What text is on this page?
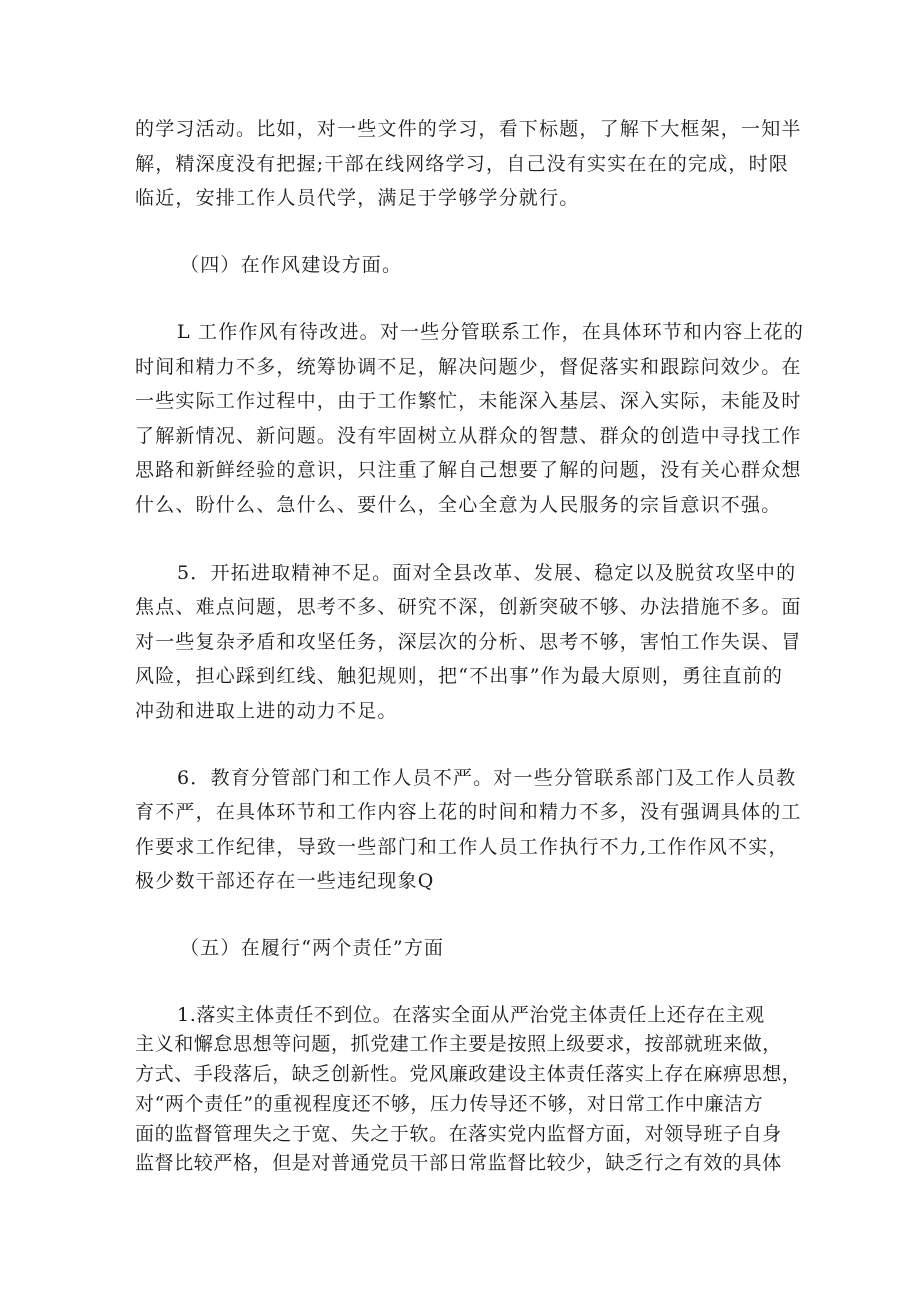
的学习活动。比如，对一些文件的学习，看下标题，了解下大框架，一知半
解，精深度没有把握;干部在线网络学习，自己没有实实在在的完成，时限
临近，安排工作人员代学，满足于学够学分就行。
（四）在作风建设方面。
L 工作作风有待改进。对一些分管联系工作，在具体环节和内容上花的
时间和精力不多，统筹协调不足，解决问题少，督促落实和跟踪问效少。在
一些实际工作过程中，由于工作繁忙，未能深入基层、深入实际，未能及时
了解新情况、新问题。没有牢固树立从群众的智慧、群众的创造中寻找工作
思路和新鲜经验的意识，只注重了解自己想要了解的问题，没有关心群众想
什么、盼什么、急什么、要什么，全心全意为人民服务的宗旨意识不强。
5．开拓进取精神不足。面对全县改革、发展、稳定以及脱贫攻坚中的
焦点、难点问题，思考不多、研究不深，创新突破不够、办法措施不多。面
对一些复杂矛盾和攻坚任务，深层次的分析、思考不够，害怕工作失误、冒
风险，担心踩到红线、触犯规则，把“不出事”作为最大原则，勇往直前的
冲劲和进取上进的动力不足。
6．教育分管部门和工作人员不严。对一些分管联系部门及工作人员教
育不严，在具体环节和工作内容上花的时间和精力不多，没有强调具体的工
作要求工作纪律，导致一些部门和工作人员工作执行不力,工作作风不实，
极少数干部还存在一些违纪现象Q
（五）在履行“两个责任”方面
1.落实主体责任不到位。在落实全面从严治党主体责任上还存在主观
主义和懈怠思想等问题，抓党建工作主要是按照上级要求，按部就班来做，
方式、手段落后，缺乏创新性。党风廉政建设主体责任落实上存在麻痹思想，
对“两个责任”的重视程度还不够，压力传导还不够，对日常工作中廉洁方
面的监督管理失之于宽、失之于软。在落实党内监督方面，对领导班子自身
监督比较严格，但是对普通党员干部日常监督比较少，缺乏行之有效的具体
